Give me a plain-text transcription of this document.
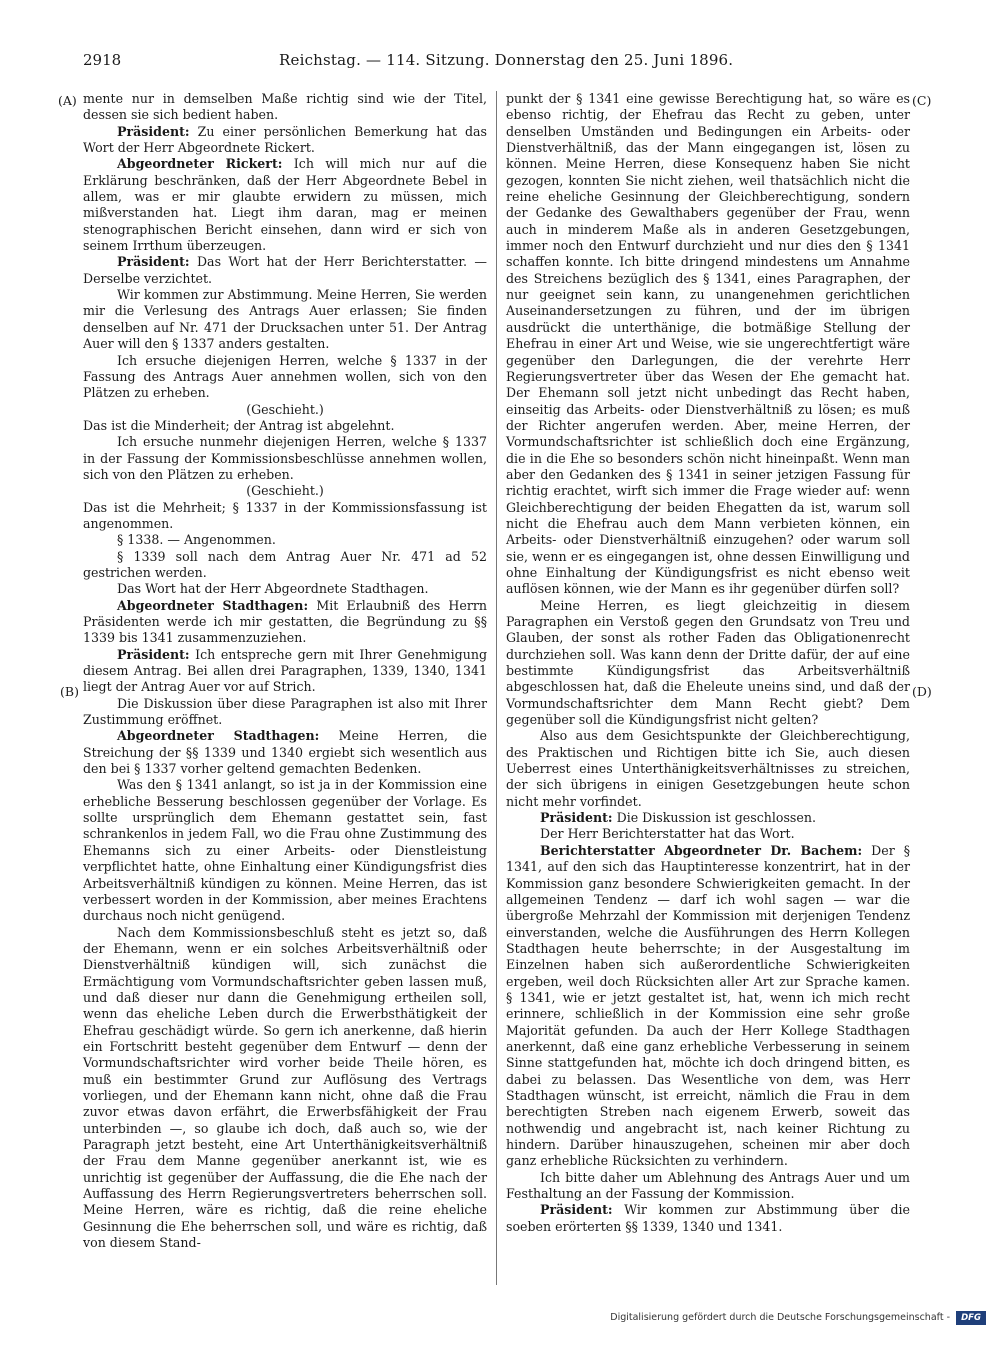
2918	Reichstag. — 114. Sitzung. Donnerstag den 25. Juni 1896.
(A)
(B)
(C)
(D)

mente nur in demselben Maße richtig sind wie der Titel, dessen sie sich bedient haben.

Präsident: Zu einer persönlichen Bemerkung hat das Wort der Herr Abgeordnete Rickert.

Abgeordneter Rickert: Ich will mich nur auf die Erklärung beschränken, daß der Herr Abgeordnete Bebel in allem, was er mir glaubte erwidern zu müssen, mich mißverstanden hat. Liegt ihm daran, mag er meinen stenographischen Bericht einsehen, dann wird er sich von seinem Irrthum überzeugen.

Präsident: Das Wort hat der Herr Berichterstatter. — Derselbe verzichtet.

Wir kommen zur Abstimmung. Meine Herren, Sie werden mir die Verlesung des Antrags Auer erlassen; Sie finden denselben auf Nr. 471 der Drucksachen unter 51. Der Antrag Auer will den § 1337 anders gestalten.

Ich ersuche diejenigen Herren, welche § 1337 in der Fassung des Antrags Auer annehmen wollen, sich von den Plätzen zu erheben.

(Geschieht.)

Das ist die Minderheit; der Antrag ist abgelehnt.

Ich ersuche nunmehr diejenigen Herren, welche § 1337 in der Fassung der Kommissionsbeschlüsse annehmen wollen, sich von den Plätzen zu erheben.

(Geschieht.)

Das ist die Mehrheit; § 1337 in der Kommissionsfassung ist angenommen.

§ 1338. — Angenommen.

§ 1339 soll nach dem Antrag Auer Nr. 471 ad 52 gestrichen werden.

Das Wort hat der Herr Abgeordnete Stadthagen.

Abgeordneter Stadthagen: Mit Erlaubniß des Herrn Präsidenten werde ich mir gestatten, die Begründung zu §§ 1339 bis 1341 zusammenzuziehen.

Präsident: Ich entspreche gern mit Ihrer Genehmigung diesem Antrag. Bei allen drei Paragraphen, 1339, 1340, 1341 liegt der Antrag Auer vor auf Strich.

Die Diskussion über diese Paragraphen ist also mit Ihrer Zustimmung eröffnet.

Abgeordneter Stadthagen: Meine Herren, die Streichung der §§ 1339 und 1340 ergiebt sich wesentlich aus den bei § 1337 vorher geltend gemachten Bedenken.

Was den § 1341 anlangt, so ist ja in der Kommission eine erhebliche Besserung beschlossen gegenüber der Vorlage. Es sollte ursprünglich dem Ehemann gestattet sein, fast schrankenlos in jedem Fall, wo die Frau ohne Zustimmung des Ehemanns sich zu einer Arbeits- oder Dienstleistung verpflichtet hatte, ohne Einhaltung einer Kündigungsfrist dies Arbeitsverhältniß kündigen zu können. Meine Herren, das ist verbessert worden in der Kommission, aber meines Erachtens durchaus noch nicht genügend.

Nach dem Kommissionsbeschluß steht es jetzt so, daß der Ehemann, wenn er ein solches Arbeitsverhältniß oder Dienstverhältniß kündigen will, sich zunächst die Ermächtigung vom Vormundschaftsrichter geben lassen muß, und daß dieser nur dann die Genehmigung ertheilen soll, wenn das eheliche Leben durch die Erwerbsthätigkeit der Ehefrau geschädigt würde. So gern ich anerkenne, daß hierin ein Fortschritt besteht gegenüber dem Entwurf — denn der Vormundschaftsrichter wird vorher beide Theile hören, es muß ein bestimmter Grund zur Auflösung des Vertrags vorliegen, und der Ehemann kann nicht, ohne daß die Frau zuvor etwas davon erfährt, die Erwerbsfähigkeit der Frau unterbinden —, so glaube ich doch, daß auch so, wie der Paragraph jetzt besteht, eine Art Unterthänigkeitsverhältniß der Frau dem Manne gegenüber anerkannt ist, wie es unrichtig ist gegenüber der Auffassung, die die Ehe nach der Auffassung des Herrn Regierungsvertreters beherrschen soll. Meine Herren, wäre es richtig, daß die reine eheliche Gesinnung die Ehe beherrschen soll, und wäre es richtig, daß von diesem Stand-

punkt der § 1341 eine gewisse Berechtigung hat, so wäre es ebenso richtig, der Ehefrau das Recht zu geben, unter denselben Umständen und Bedingungen ein Arbeits- oder Dienstverhältniß, das der Mann eingegangen ist, lösen zu können. Meine Herren, diese Konsequenz haben Sie nicht gezogen, konnten Sie nicht ziehen, weil thatsächlich nicht die reine eheliche Gesinnung der Gleichberechtigung, sondern der Gedanke des Gewalthabers gegenüber der Frau, wenn auch in minderem Maße als in anderen Gesetzgebungen, immer noch den Entwurf durchzieht und nur dies den § 1341 schaffen konnte. Ich bitte dringend mindestens um Annahme des Streichens bezüglich des § 1341, eines Paragraphen, der nur geeignet sein kann, zu unangenehmen gerichtlichen Auseinandersetzungen zu führen, und der im übrigen ausdrückt die unterthänige, die botmäßige Stellung der Ehefrau in einer Art und Weise, wie sie ungerechtfertigt wäre gegenüber den Darlegungen, die der verehrte Herr Regierungsvertreter über das Wesen der Ehe gemacht hat. Der Ehemann soll jetzt nicht unbedingt das Recht haben, einseitig das Arbeits- oder Dienstverhältniß zu lösen; es muß der Richter angerufen werden. Aber, meine Herren, der Vormundschaftsrichter ist schließlich doch eine Ergänzung, die in die Ehe so besonders schön nicht hineinpaßt. Wenn man aber den Gedanken des § 1341 in seiner jetzigen Fassung für richtig erachtet, wirft sich immer die Frage wieder auf: wenn Gleichberechtigung der beiden Ehegatten da ist, warum soll nicht die Ehefrau auch dem Mann verbieten können, ein Arbeits- oder Dienstverhältniß einzugehen? oder warum soll sie, wenn er es eingegangen ist, ohne dessen Einwilligung und ohne Einhaltung der Kündigungsfrist es nicht ebenso weit auflösen können, wie der Mann es ihr gegenüber dürfen soll?

Meine Herren, es liegt gleichzeitig in diesem Paragraphen ein Verstoß gegen den Grundsatz von Treu und Glauben, der sonst als rother Faden das Obligationenrecht durchziehen soll. Was kann denn der Dritte dafür, der auf eine bestimmte Kündigungsfrist das Arbeitsverhältniß abgeschlossen hat, daß die Eheleute uneins sind, und daß der Vormundschaftsrichter dem Mann Recht giebt? Dem gegenüber soll die Kündigungsfrist nicht gelten?

Also aus dem Gesichtspunkte der Gleichberechtigung, des Praktischen und Richtigen bitte ich Sie, auch diesen Ueberrest eines Unterthänigkeitsverhältnisses zu streichen, der sich übrigens in einigen Gesetzgebungen heute schon nicht mehr vorfindet.

Präsident: Die Diskussion ist geschlossen.

Der Herr Berichterstatter hat das Wort.

Berichterstatter Abgeordneter Dr. Bachem: Der § 1341, auf den sich das Hauptinteresse konzentrirt, hat in der Kommission ganz besondere Schwierigkeiten gemacht. In der allgemeinen Tendenz — darf ich wohl sagen — war die übergroße Mehrzahl der Kommission mit derjenigen Tendenz einverstanden, welche die Ausführungen des Herrn Kollegen Stadthagen heute beherrschte; in der Ausgestaltung im Einzelnen haben sich außerordentliche Schwierigkeiten ergeben, weil doch Rücksichten aller Art zur Sprache kamen. § 1341, wie er jetzt gestaltet ist, hat, wenn ich mich recht erinnere, schließlich in der Kommission eine sehr große Majorität gefunden. Da auch der Herr Kollege Stadthagen anerkennt, daß eine ganz erhebliche Verbesserung in seinem Sinne stattgefunden hat, möchte ich doch dringend bitten, es dabei zu belassen. Das Wesentliche von dem, was Herr Stadthagen wünscht, ist erreicht, nämlich die Frau in dem berechtigten Streben nach eigenem Erwerb, soweit das nothwendig und angebracht ist, nach keiner Richtung zu hindern. Darüber hinauszugehen, scheinen mir aber doch ganz erhebliche Rücksichten zu verhindern.

Ich bitte daher um Ablehnung des Antrags Auer und um Festhaltung an der Fassung der Kommission.

Präsident: Wir kommen zur Abstimmung über die soeben erörterten §§ 1339, 1340 und 1341.

Digitalisierung gefördert durch die Deutsche Forschungsgemeinschaft -	DFG
